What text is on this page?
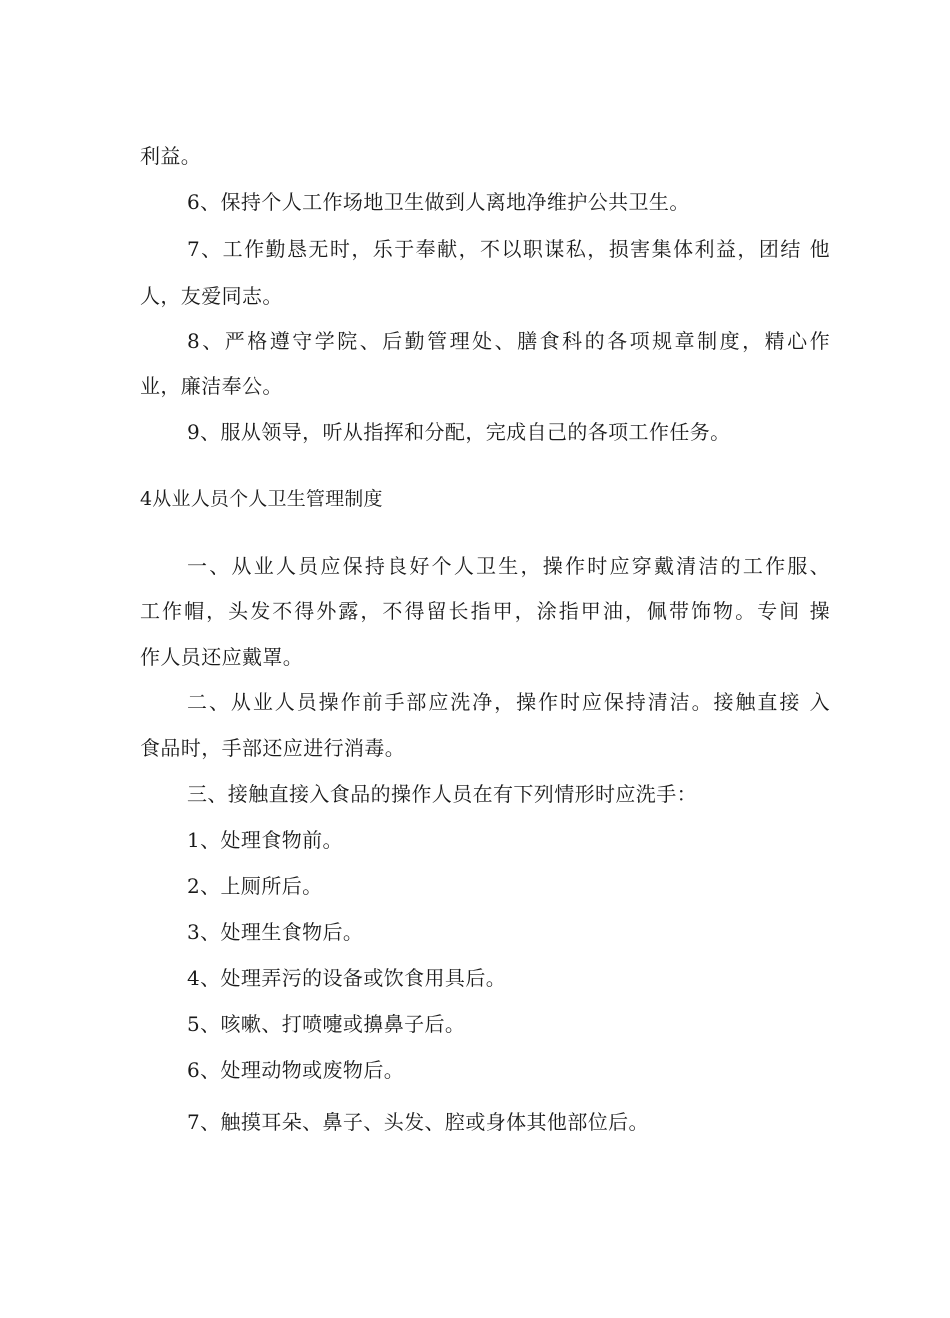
利益。
6、保持个人工作场地卫生做到人离地净维护公共卫生。
7、工作勤恳无时，乐于奉献，不以职谋私，损害集体利益，团结 他
人，友爱同志。
8、严格遵守学院、后勤管理处、膳食科的各项规章制度，精心作
业，廉洁奉公。
9、服从领导，听从指挥和分配，完成自己的各项工作任务。
4从业人员个人卫生管理制度
一、从业人员应保持良好个人卫生，操作时应穿戴清洁的工作服、
工作帽，头发不得外露，不得留长指甲，涂指甲油，佩带饰物。专间 操
作人员还应戴罩。
二、从业人员操作前手部应洗净，操作时应保持清洁。接触直接 入
食品时，手部还应进行消毒。
三、接触直接入食品的操作人员在有下列情形时应洗手：
1、处理食物前。
2、上厕所后。
3、处理生食物后。
4、处理弄污的设备或饮食用具后。
5、咳嗽、打喷嚏或擤鼻子后。
6、处理动物或废物后。
7、触摸耳朵、鼻子、头发、腔或身体其他部位后。
